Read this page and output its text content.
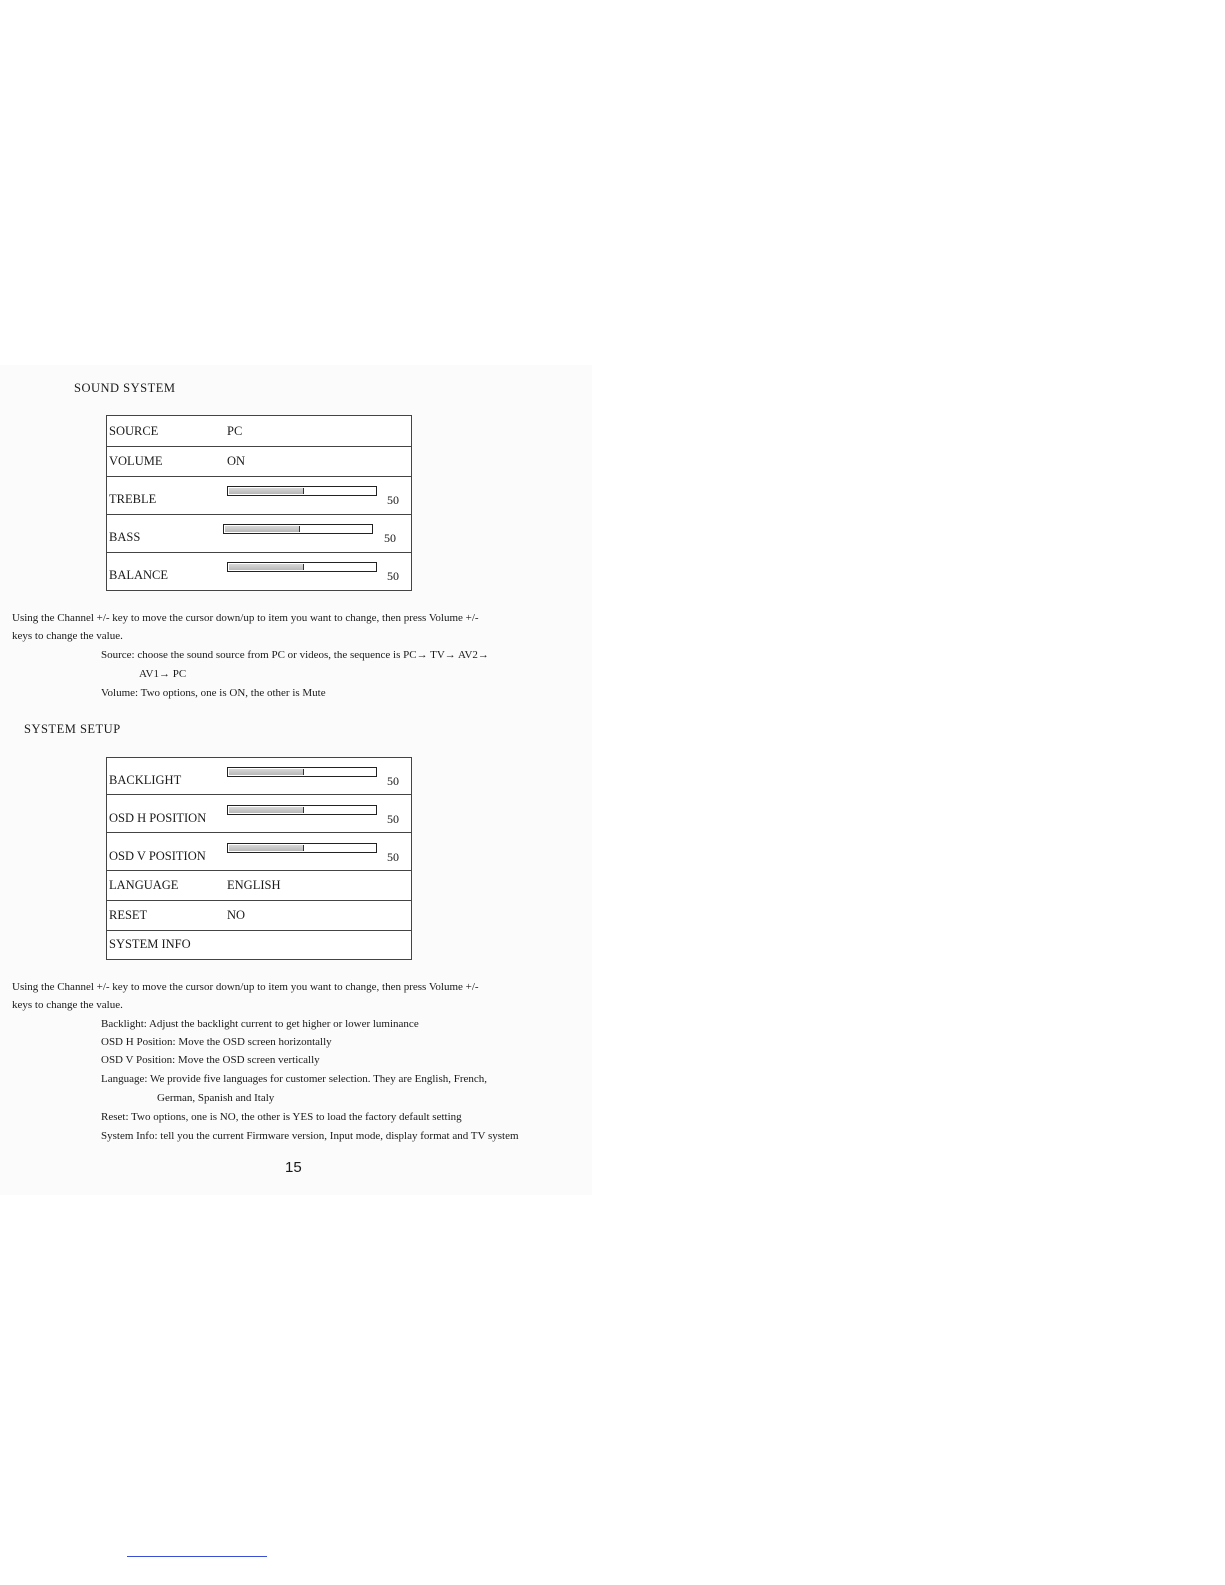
SOUND SYSTEM
SOURCE	PC
VOLUME	ON
TREBLE	50
BASS	50
BALANCE	50
Using the Channel +/- key to move the cursor down/up to item you want to change, then press Volume +/-
keys to change the value.
Source: choose the sound source from PC or videos, the sequence is PC→ TV→ AV2→
AV1→ PC
Volume: Two options, one is ON, the other is Mute
SYSTEM SETUP
BACKLIGHT	50
OSD H POSITION	50
OSD V POSITION	50
LANGUAGE	ENGLISH
RESET	NO
SYSTEM INFO
Using the Channel +/- key to move the cursor down/up to item you want to change, then press Volume +/-
keys to change the value.
Backlight: Adjust the backlight current to get higher or lower luminance
OSD H Position: Move the OSD screen horizontally
OSD V Position: Move the OSD screen vertically
Language: We provide five languages for customer selection. They are English, French,
German, Spanish and Italy
Reset: Two options, one is NO, the other is YES to load the factory default setting
System Info: tell you the current Firmware version, Input mode, display format and TV system
15
